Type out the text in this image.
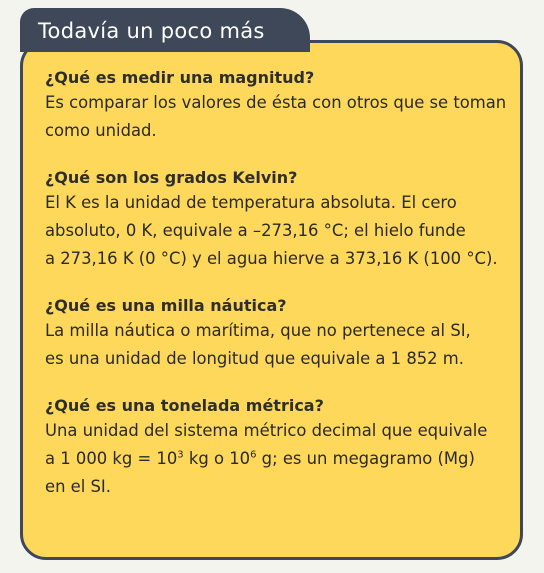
Todavía un poco más
¿Qué es medir una magnitud?
Es comparar los valores de ésta con otros que se toman
como unidad.
¿Qué son los grados Kelvin?
El K es la unidad de temperatura absoluta. El cero
absoluto, 0 K, equivale a –273,16 °C; el hielo funde
a 273,16 K (0 °C) y el agua hierve a 373,16 K (100 °C).
¿Qué es una milla náutica?
La milla náutica o marítima, que no pertenece al SI,
es una unidad de longitud que equivale a 1 852 m.
¿Qué es una tonelada métrica?
Una unidad del sistema métrico decimal que equivale
a 1 000 kg = $10^3$ kg o $10^6$ g; es un megagramo (Mg)
en el SI.
